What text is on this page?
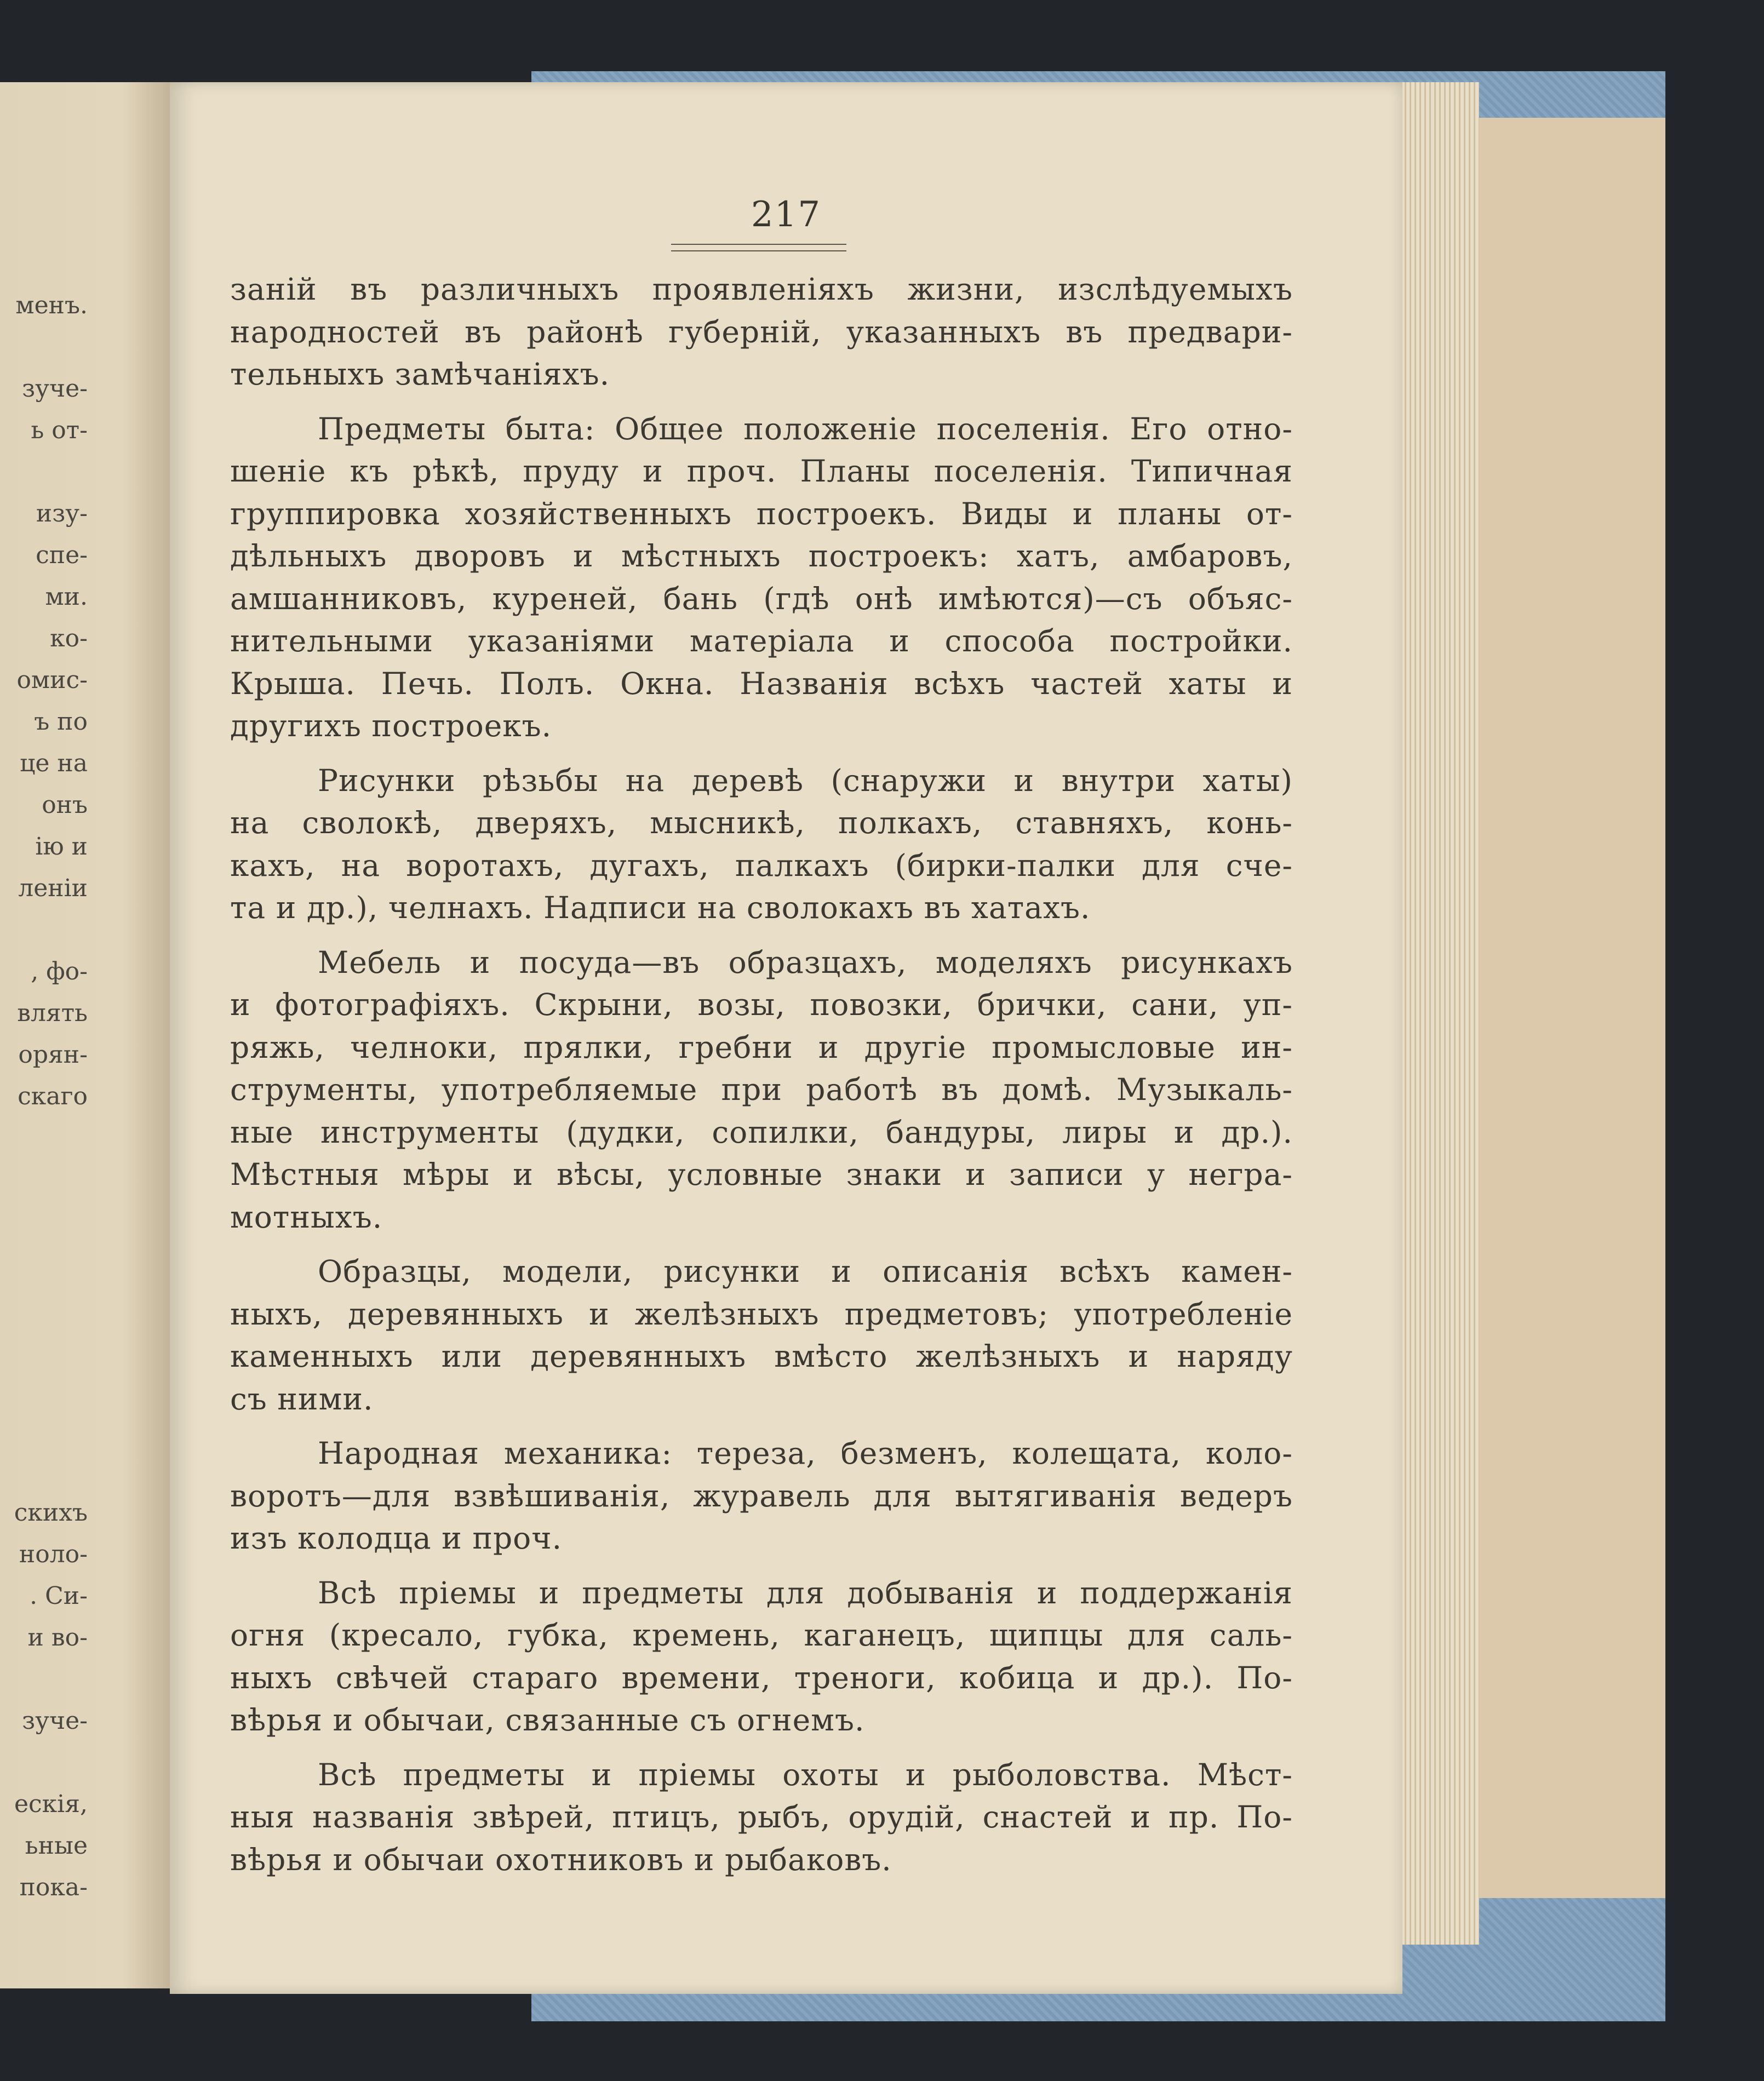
менъ.
зуче-
ь от-
изу-
спе-
ми.
ко-
омис-
ъ по
це на
онъ
iю и
ленiи
, фо-
влять
орян-
скаго
скихъ
ноло-
. Си-
и во-
зуче-
ескiя,
ьные
пока-
217

занiй въ различныхъ проявленiяхъ жизни, изслѣдуемыхъ
народностей въ районѣ губерній, указанныхъ въ предвари-
тельныхъ замѣчанiяхъ.

Предметы быта: Общее положенiе поселенiя. Его отно-
шенiе къ рѣкѣ, пруду и проч. Планы поселенiя. Типичная
группировка хозяйственныхъ построекъ. Виды и планы от-
дѣльныхъ дворовъ и мѣстныхъ построекъ: хатъ, амбаровъ,
амшанниковъ, куреней, бань (гдѣ онѣ имѣются)—съ объяс-
нительными указанiями матерiала и способа постройки.
Крыша. Печь. Полъ. Окна. Названiя всѣхъ частей хаты и
другихъ построекъ.

Рисунки рѣзьбы на деревѣ (снаружи и внутри хаты)
на сволокѣ, дверяхъ, мысникѣ, полкахъ, ставняхъ, конь-
кахъ, на воротахъ, дугахъ, палкахъ (бирки-палки для сче-
та и др.), челнахъ. Надписи на сволокахъ въ хатахъ.

Мебель и посуда—въ образцахъ, моделяхъ рисункахъ
и фотографiяхъ. Скрыни, возы, повозки, брички, сани, уп-
ряжь, челноки, прялки, гребни и другiе промысловые ин-
струменты, употребляемые при работѣ въ домѣ. Музыкаль-
ные инструменты (дудки, сопилки, бандуры, лиры и др.).
Мѣстныя мѣры и вѣсы, условные знаки и записи у негра-
мотныхъ.

Образцы, модели, рисунки и описанiя всѣхъ камен-
ныхъ, деревянныхъ и желѣзныхъ предметовъ; употребленiе
каменныхъ или деревянныхъ вмѣсто желѣзныхъ и наряду
съ ними.

Народная механика: тереза, безменъ, колещата, коло-
воротъ—для взвѣшиванiя, журавель для вытягиванiя ведеръ
изъ колодца и проч.

Всѣ прiемы и предметы для добыванiя и поддержанiя
огня (кресало, губка, кремень, каганецъ, щипцы для саль-
ныхъ свѣчей стараго времени, треноги, кобица и др.). По-
вѣрья и обычаи, связанные съ огнемъ.

Всѣ предметы и прiемы охоты и рыболовства. Мѣст-
ныя названiя звѣрей, птицъ, рыбъ, орудiй, снастей и пр. По-
вѣрья и обычаи охотниковъ и рыбаковъ.
